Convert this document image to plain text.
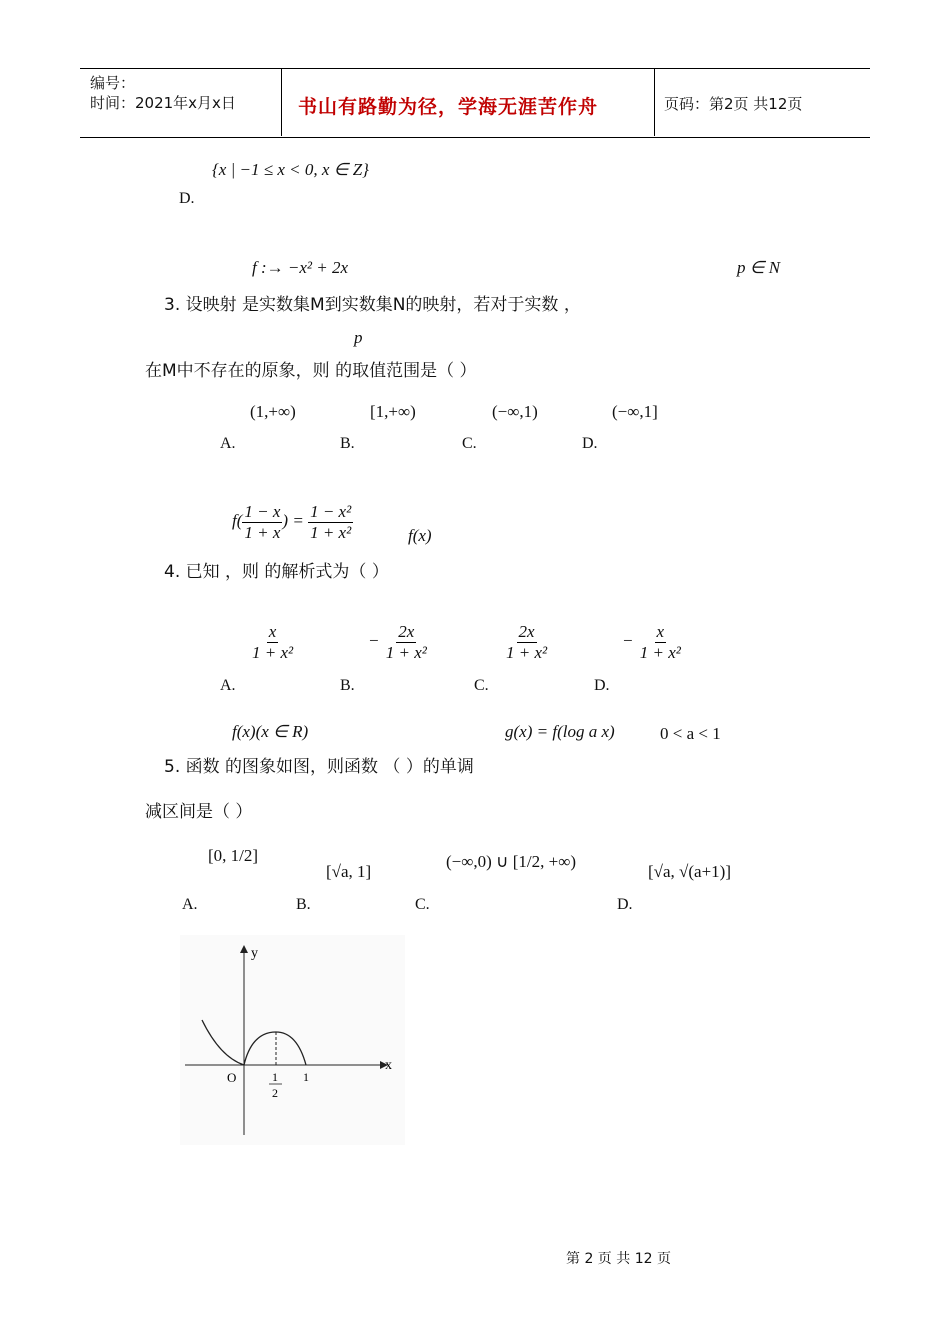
编号：
时间：2021年x月x日	书山有路勤为径，学海无涯苦作舟	页码：第2页 共12页
{x | −1 ≤ x < 0, x ∈ Z}
D.
f :→ −x² + 2x	p ∈ N
3. 设映射 是实数集M到实数集N的映射，若对于实数 ，
p
在M中不存在的原象，则 的取值范围是（ ）
(1,+∞)	[1,+∞)	(−∞,1)	(−∞,1]
A.	B.	C.	D.
$f( \frac{1 - x}{1 + x}$ ) = $\frac{\text{1 − x²}}{\text{1 + x²}}$	f(x)
4. 已知 ，则 的解析式为（ ）
$\frac{x}{\text{1 + x²}}$	− $\frac{2x}{\text{1 + x²}}$	$\frac{2x}{\text{1 + x²}}$	− $\frac{x}{\text{1 + x²}}$
A.	B.	C.	D.
f(x)(x ∈ R)	g(x) = f(log a x)	0 < a < 1
5. 函数 的图象如图，则函数 （ ）的单调
减区间是（ ）
[0, 1/2]
[√a, 1]
(−∞,0) ∪ [1/2, +∞)
[√a, √(a+1)]
A.	B.	C.	D.
y
x
O	1
2
1
第 2 页 共 12 页
